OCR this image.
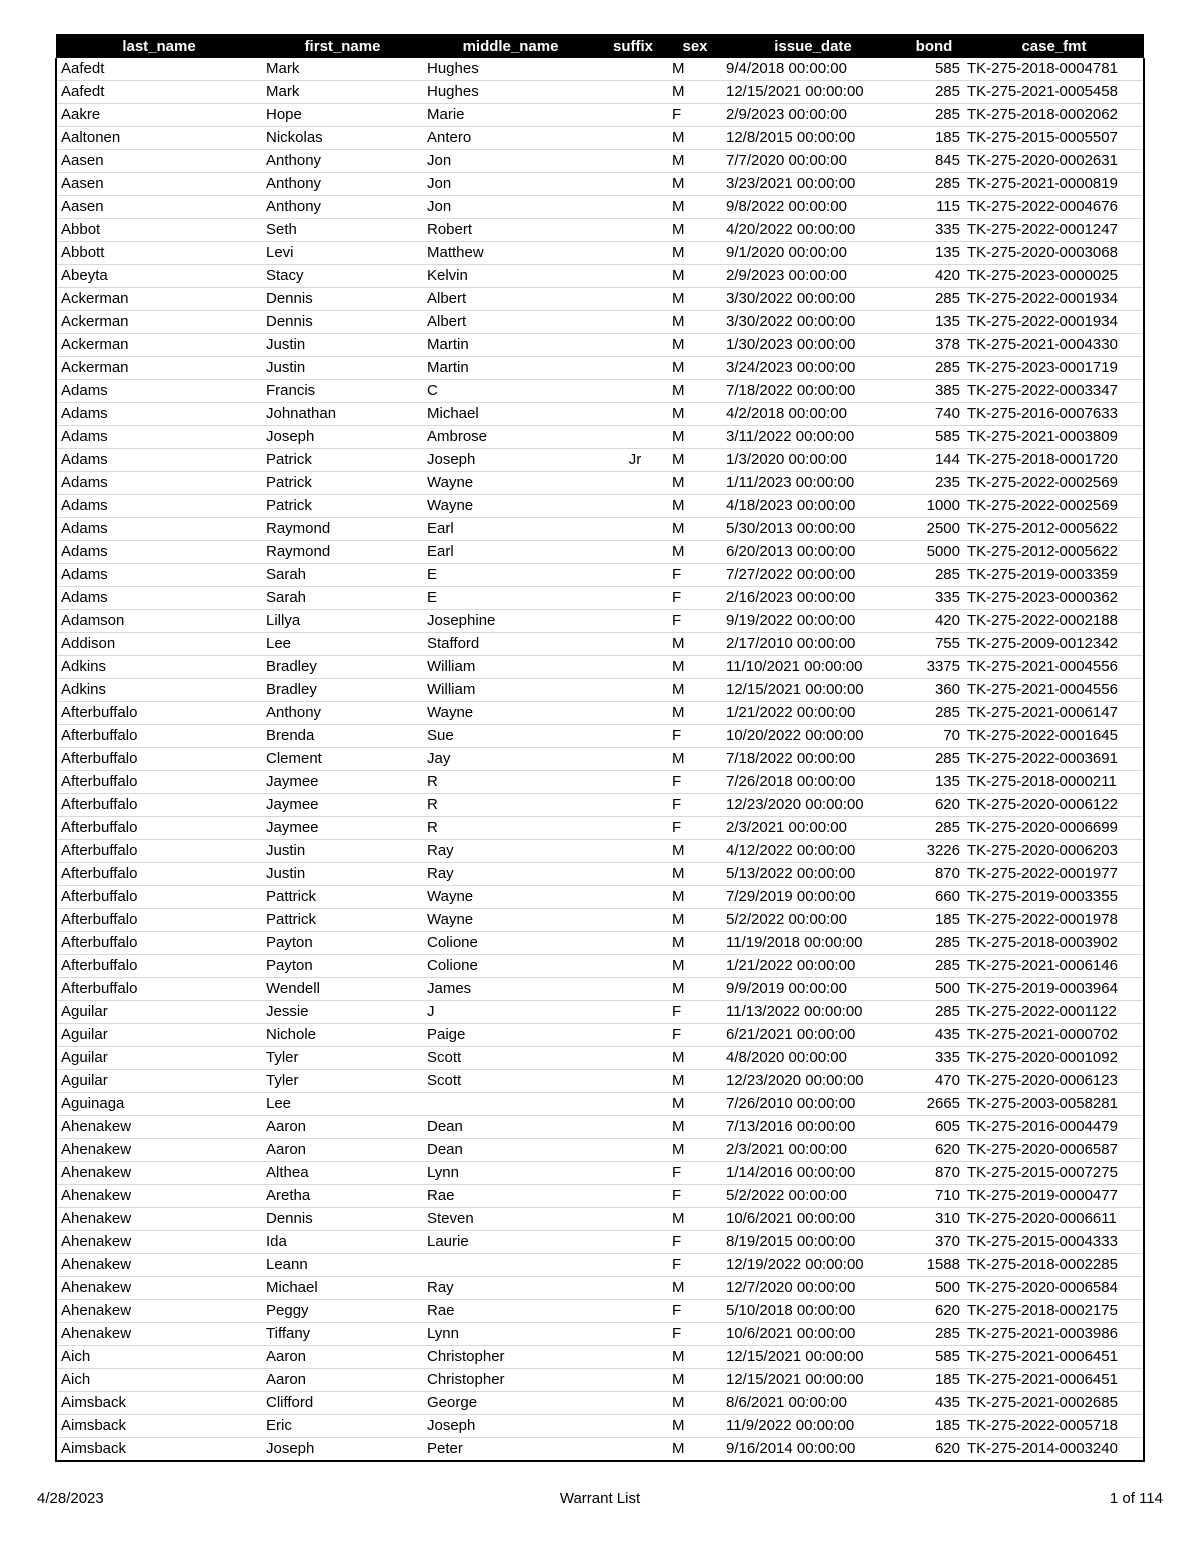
last_name	first_name	middle_name	suffix	sex	issue_date	bond	case_fmt
Aafedt	Mark	Hughes		M	9/4/2018 00:00:00	585	TK-275-2018-0004781
Aafedt	Mark	Hughes		M	12/15/2021 00:00:00	285	TK-275-2021-0005458
Aakre	Hope	Marie		F	2/9/2023 00:00:00	285	TK-275-2018-0002062
Aaltonen	Nickolas	Antero		M	12/8/2015 00:00:00	185	TK-275-2015-0005507
Aasen	Anthony	Jon		M	7/7/2020 00:00:00	845	TK-275-2020-0002631
Aasen	Anthony	Jon		M	3/23/2021 00:00:00	285	TK-275-2021-0000819
Aasen	Anthony	Jon		M	9/8/2022 00:00:00	115	TK-275-2022-0004676
Abbot	Seth	Robert		M	4/20/2022 00:00:00	335	TK-275-2022-0001247
Abbott	Levi	Matthew		M	9/1/2020 00:00:00	135	TK-275-2020-0003068
Abeyta	Stacy	Kelvin		M	2/9/2023 00:00:00	420	TK-275-2023-0000025
Ackerman	Dennis	Albert		M	3/30/2022 00:00:00	285	TK-275-2022-0001934
Ackerman	Dennis	Albert		M	3/30/2022 00:00:00	135	TK-275-2022-0001934
Ackerman	Justin	Martin		M	1/30/2023 00:00:00	378	TK-275-2021-0004330
Ackerman	Justin	Martin		M	3/24/2023 00:00:00	285	TK-275-2023-0001719
Adams	Francis	C		M	7/18/2022 00:00:00	385	TK-275-2022-0003347
Adams	Johnathan	Michael		M	4/2/2018 00:00:00	740	TK-275-2016-0007633
Adams	Joseph	Ambrose		M	3/11/2022 00:00:00	585	TK-275-2021-0003809
Adams	Patrick	Joseph	Jr	M	1/3/2020 00:00:00	144	TK-275-2018-0001720
Adams	Patrick	Wayne		M	1/11/2023 00:00:00	235	TK-275-2022-0002569
Adams	Patrick	Wayne		M	4/18/2023 00:00:00	1000	TK-275-2022-0002569
Adams	Raymond	Earl		M	5/30/2013 00:00:00	2500	TK-275-2012-0005622
Adams	Raymond	Earl		M	6/20/2013 00:00:00	5000	TK-275-2012-0005622
Adams	Sarah	E		F	7/27/2022 00:00:00	285	TK-275-2019-0003359
Adams	Sarah	E		F	2/16/2023 00:00:00	335	TK-275-2023-0000362
Adamson	Lillya	Josephine		F	9/19/2022 00:00:00	420	TK-275-2022-0002188
Addison	Lee	Stafford		M	2/17/2010 00:00:00	755	TK-275-2009-0012342
Adkins	Bradley	William		M	11/10/2021 00:00:00	3375	TK-275-2021-0004556
Adkins	Bradley	William		M	12/15/2021 00:00:00	360	TK-275-2021-0004556
Afterbuffalo	Anthony	Wayne		M	1/21/2022 00:00:00	285	TK-275-2021-0006147
Afterbuffalo	Brenda	Sue		F	10/20/2022 00:00:00	70	TK-275-2022-0001645
Afterbuffalo	Clement	Jay		M	7/18/2022 00:00:00	285	TK-275-2022-0003691
Afterbuffalo	Jaymee	R		F	7/26/2018 00:00:00	135	TK-275-2018-0000211
Afterbuffalo	Jaymee	R		F	12/23/2020 00:00:00	620	TK-275-2020-0006122
Afterbuffalo	Jaymee	R		F	2/3/2021 00:00:00	285	TK-275-2020-0006699
Afterbuffalo	Justin	Ray		M	4/12/2022 00:00:00	3226	TK-275-2020-0006203
Afterbuffalo	Justin	Ray		M	5/13/2022 00:00:00	870	TK-275-2022-0001977
Afterbuffalo	Pattrick	Wayne		M	7/29/2019 00:00:00	660	TK-275-2019-0003355
Afterbuffalo	Pattrick	Wayne		M	5/2/2022 00:00:00	185	TK-275-2022-0001978
Afterbuffalo	Payton	Colione		M	11/19/2018 00:00:00	285	TK-275-2018-0003902
Afterbuffalo	Payton	Colione		M	1/21/2022 00:00:00	285	TK-275-2021-0006146
Afterbuffalo	Wendell	James		M	9/9/2019 00:00:00	500	TK-275-2019-0003964
Aguilar	Jessie	J		F	11/13/2022 00:00:00	285	TK-275-2022-0001122
Aguilar	Nichole	Paige		F	6/21/2021 00:00:00	435	TK-275-2021-0000702
Aguilar	Tyler	Scott		M	4/8/2020 00:00:00	335	TK-275-2020-0001092
Aguilar	Tyler	Scott		M	12/23/2020 00:00:00	470	TK-275-2020-0006123
Aguinaga	Lee			M	7/26/2010 00:00:00	2665	TK-275-2003-0058281
Ahenakew	Aaron	Dean		M	7/13/2016 00:00:00	605	TK-275-2016-0004479
Ahenakew	Aaron	Dean		M	2/3/2021 00:00:00	620	TK-275-2020-0006587
Ahenakew	Althea	Lynn		F	1/14/2016 00:00:00	870	TK-275-2015-0007275
Ahenakew	Aretha	Rae		F	5/2/2022 00:00:00	710	TK-275-2019-0000477
Ahenakew	Dennis	Steven		M	10/6/2021 00:00:00	310	TK-275-2020-0006611
Ahenakew	Ida	Laurie		F	8/19/2015 00:00:00	370	TK-275-2015-0004333
Ahenakew	Leann			F	12/19/2022 00:00:00	1588	TK-275-2018-0002285
Ahenakew	Michael	Ray		M	12/7/2020 00:00:00	500	TK-275-2020-0006584
Ahenakew	Peggy	Rae		F	5/10/2018 00:00:00	620	TK-275-2018-0002175
Ahenakew	Tiffany	Lynn		F	10/6/2021 00:00:00	285	TK-275-2021-0003986
Aich	Aaron	Christopher		M	12/15/2021 00:00:00	585	TK-275-2021-0006451
Aich	Aaron	Christopher		M	12/15/2021 00:00:00	185	TK-275-2021-0006451
Aimsback	Clifford	George		M	8/6/2021 00:00:00	435	TK-275-2021-0002685
Aimsback	Eric	Joseph		M	11/9/2022 00:00:00	185	TK-275-2022-0005718
Aimsback	Joseph	Peter		M	9/16/2014 00:00:00	620	TK-275-2014-0003240
4/28/2023	Warrant List	1 of 114
